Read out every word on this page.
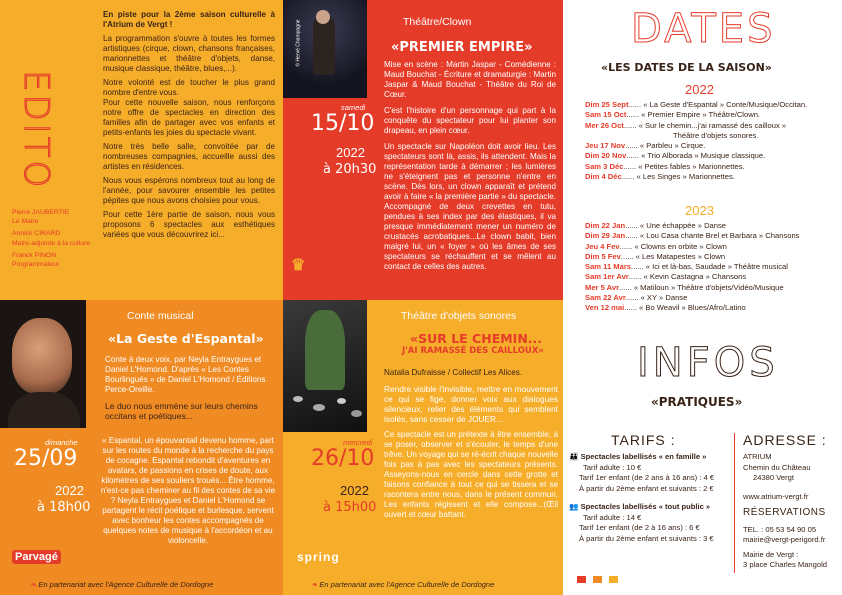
EDITO

En piste pour la 2ème saison culturelle à l'Atrium de Vergt !

La programmation s'ouvre à toutes les formes artistiques (cirque, clown, chansons françaises, marionnettes et théâtre d'objets, danse, musique classique, théâtre, blues,...).

Notre volonté est de toucher le plus grand nombre d'entre vous.

Pour cette nouvelle saison, nous renforçons notre offre de spectacles en direction des familles afin de partager avec vos enfants et petits-enfants les joies du spectacle vivant.

Notre très belle salle, convoitée par de nombreuses compagnies, accueille aussi des artistes en résidences.

Nous vous espérons nombreux tout au long de l'année, pour savourer ensemble les petites pépites que nous avons choisies pour vous.

Pour cette 1ère partie de saison, nous vous proposons 6 spectacles aux esthétiques variées que vous découvrirez ici...

Pierre JAUBERTIE
Le Maire
Annick CIRARD
Maire-adjointe à la culture
Franck PINON
Programmateur
© Hervé Champagne	Théâtre/Clown
«PREMIER EMPIRE»
samedi
15/10
2022
à 20h30
♛

Mise en scène : Martin Jaspar - Comédienne : Maud Bouchat - Écriture et dramaturgie : Martin Jaspar & Maud Bouchat - Théâtre du Roi de Cœur.

C'est l'histoire d'un personnage qui part à la conquête du spectateur pour lui planter son drapeau, en plein cœur.

Un spectacle sur Napoléon doit avoir lieu. Les spectateurs sont là, assis, ils attendent. Mais la représentation tarde à démarrer ; les lumières ne s'éteignent pas et personne n'entre en scène. Dès lors, un clown apparaît et prétend avoir à faire « la première partie » du spectacle. Accompagné de deux crevettes en tutu, pendues à ses index par des élastiques, il va presque immédiatement mener un numéro de crustacés acrobatiques...Le clown babit, bien malgré lui, un « foyer » où les âmes de ses spectateurs se réchauffent et se mêlent au contact de celles des autres.

Conte musical
«La Geste d'Espantal»

Conte à deux voix, par Neyla Entraygues et Daniel L'Homond. D'après « Les Contes Bourlingués » de Daniel L'Homond / Éditions Perce-Oreille.

Le duo nous emmène sur leurs chemins occitans et poétiques...

dimanche
25/09
2022
à 18h00

« Espantal, un épouvantail devenu homme, part sur les routes du monde à la recherche du pays de cocagne. Espantal rebondit d'aventures en avatars, de passions en crises de doute, aux kilomètres de ses souliers troués... Être homme, n'est-ce pas cheminer au fil des contes de sa vie ? Neyla Entraygues et Daniel L'Homond se partagent le récit poétique et burlesque, servent avec bonheur les contes accompagnés de quelques notes de musique à l'accordéon et au violoncelle.

Parvagé
❧ En partenariat avec l'Agence Culturelle de Dordogne
Théâtre d'objets sonores
«SUR LE CHEMIN...
J'AI RAMASSÉ DES CAILLOUX»

Natalia Dufraisse / Collectif Les Alices.

Rendre visible l'invisible, mettre en mouvement ce qui se fige, donner voix aux dialogues silencieux, relier des éléments qui semblent isolés, sans cesser de JOUER...

Ce spectacle est un prétexte à être ensemble, à se poser, observer et s'écouter, le temps d'une trêve. Un voyage qui se ré-écrit chaque nouvelle fois pas à pas avec les spectateurs présents. Asseyons-nous en cercle dans cette grotte et faisons confiance à tout ce qui se tissera et se racontera entre nous, dans le présent commun. Les enfants régissent et elle compose...(Œil ouvert et cœur battant.

mercredi
26/10
2022
à 15h00
spring
❧ En partenariat avec l'Agence Culturelle de Dordogne
DATES
«LES DATES DE LA SAISON»
2022
Dim 25 Sept...... « La Geste d'Espantal » Conte/Musique/Occitan.
Sam 15 Oct...... « Premier Empire » Théâtre/Clown.
Mer 26 Oct...... « Sur le chemin...j'ai ramassé des cailloux »
Théâtre d'objets sonores.
Jeu 17 Nov...... « Parbleu » Cirque.
Dim 20 Nov...... « Trio Alborada » Musique classique.
Sam 3 Déc...... « Petites fables » Marionnettes.
Dim 4 Déc...... « Les Singes » Marionnettes.
2023
Dim 22 Jan...... « Une échappée » Danse
Dim 29 Jan...... « Lou Casa chante Brel et Barbara » Chansons
Jeu 4 Fev...... « Clowns en orbite » Clown
Dim 5 Fev...... « Les Matapestes » Clown
Sam 11 Mars...... « Ici et là-bas, Saudade » Théâtre musical
Sam 1er Avr...... « Kevin Castagna » Chansons
Mer 5 Avr...... « Matiloun » Théâtre d'objets/Vidéo/Musique
Sam 22 Avr...... « XY » Danse
Ven 12 mai...... « Bo Weavil » Blues/Afro/Latino
INFOS
«PRATIQUES»
TARIFS :
👪 Spectacles labellisés « en famille »
Tarif adulte : 10 €
Tarif 1er enfant (de 2 ans à 16 ans) : 4 €
À partir du 2ème enfant et suivants : 2 €
👥 Spectacles labellisés « tout public »
Tarif adulte : 14 €
Tarif 1er enfant (de 2 à 16 ans) : 6 €
À partir du 2ème enfant et suivants : 3 €
ADRESSE :
ATRIUM
Chemin du Château
24380 Vergt
www.atrium-vergt.fr
RÉSERVATIONS
TEL. : 05 53 54 90 05
mairie@vergt-perigord.fr
Mairie de Vergt :
3 place Charles Mangold
